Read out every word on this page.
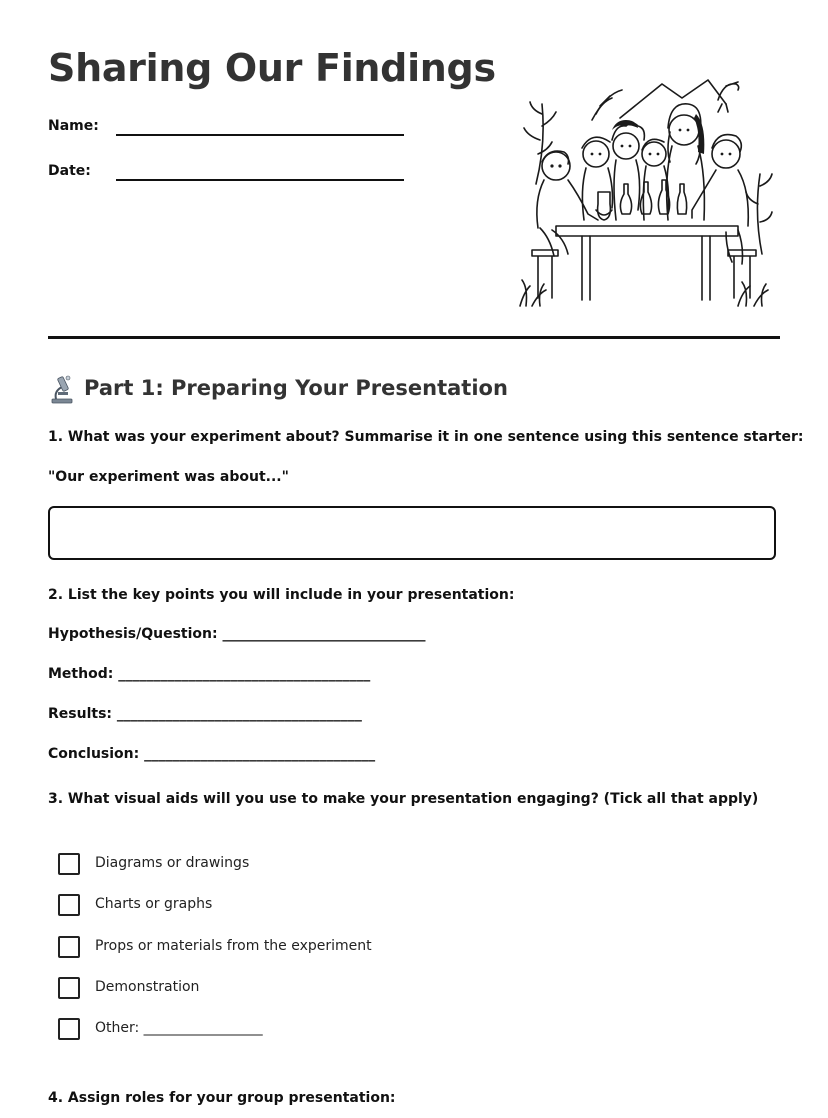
Sharing Our Findings
Name:
Date:
Part 1: Preparing Your Presentation
1. What was your experiment about? Summarise it in one sentence using this sentence starter:
"Our experiment was about..."
2. List the key points you will include in your presentation:
Hypothesis/Question: _____________________________
Method: ____________________________________
Results: ___________________________________
Conclusion: _________________________________
3. What visual aids will you use to make your presentation engaging? (Tick all that apply)
Diagrams or drawings
Charts or graphs
Props or materials from the experiment
Demonstration
Other: _________________
4. Assign roles for your group presentation:
